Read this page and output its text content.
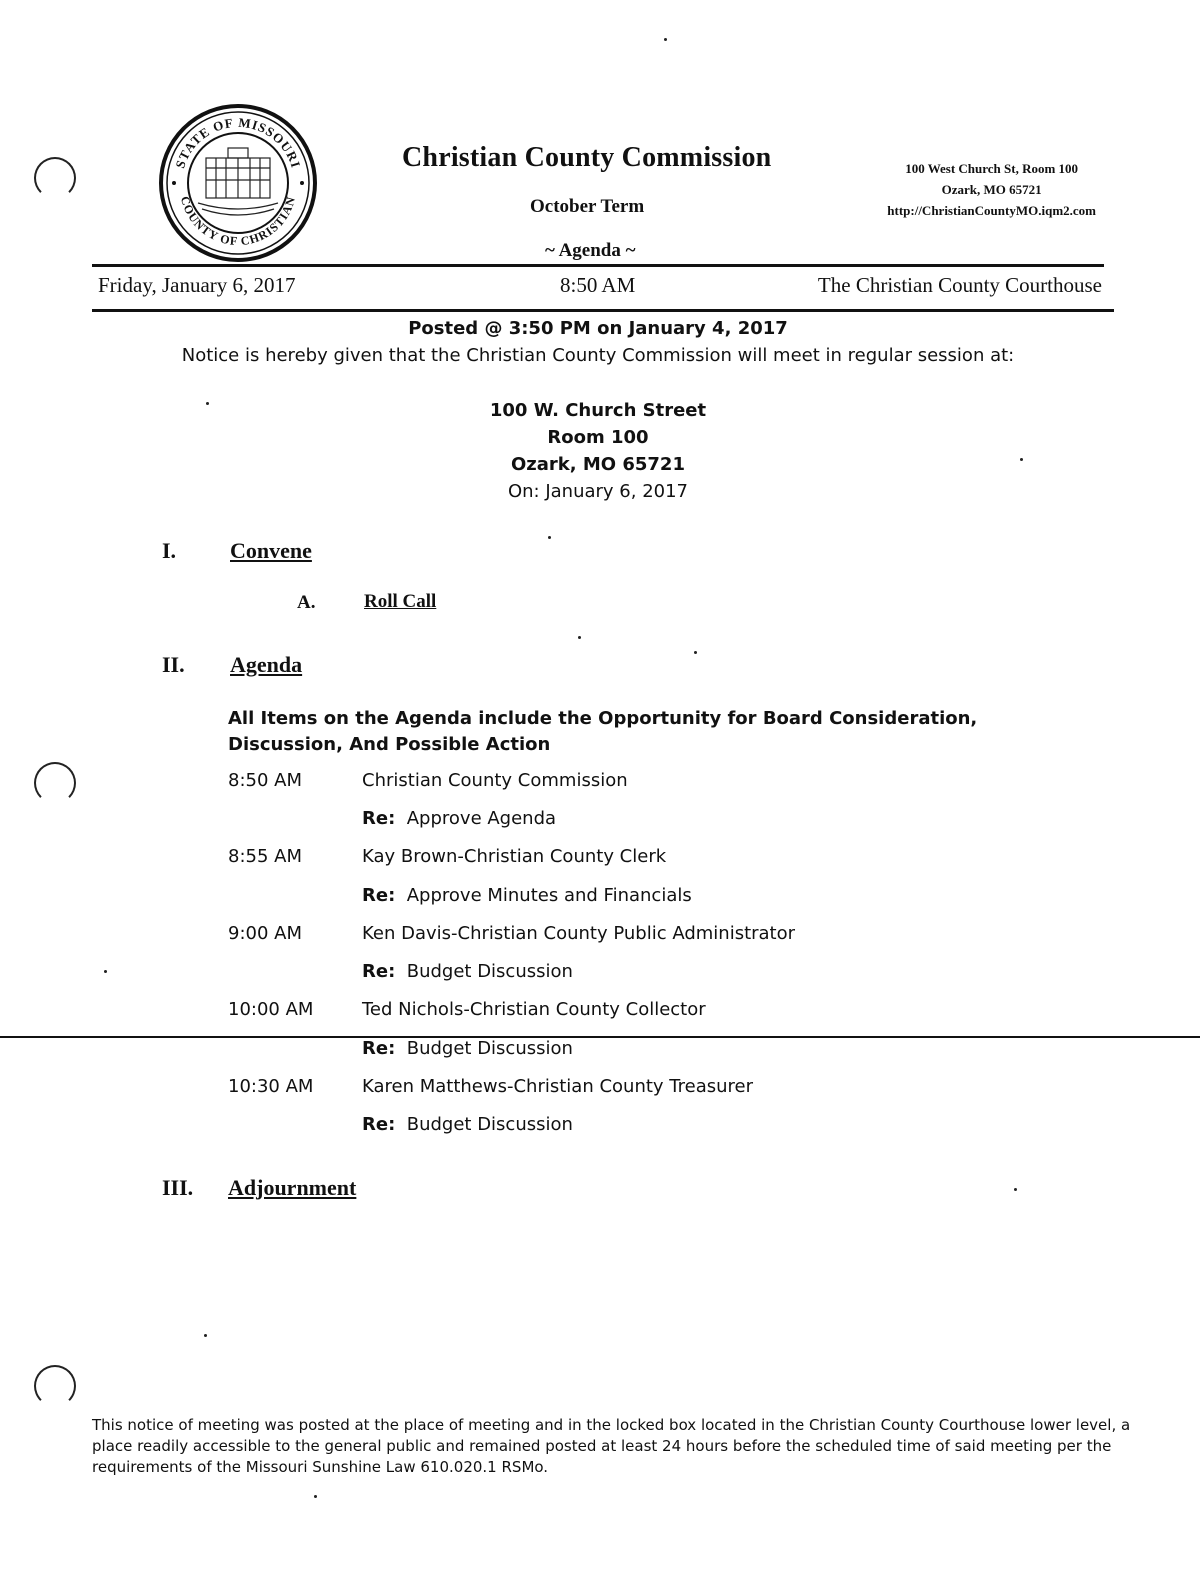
STATE OF MISSOURI
COUNTY OF CHRISTIAN
Christian County Commission
October Term
~ Agenda ~
100 West Church St, Room 100
Ozark, MO 65721
http://ChristianCountyMO.iqm2.com
Friday, January 6, 2017	8:50 AM	The Christian County Courthouse
Posted @ 3:50 PM on January 4, 2017
Notice is hereby given that the Christian County Commission will meet in regular session at:
100 W. Church Street
Room 100
Ozark, MO 65721
On: January 6, 2017
I. Convene
A.	Roll Call
II. Agenda
All Items on the Agenda include the Opportunity for Board Consideration, Discussion, And Possible Action
8:50 AM	Christian County Commission
Re: Approve Agenda
8:55 AM	Kay Brown-Christian County Clerk
Re: Approve Minutes and Financials
9:00 AM	Ken Davis-Christian County Public Administrator
Re: Budget Discussion
10:00 AM	Ted Nichols-Christian County Collector
Re: Budget Discussion
10:30 AM	Karen Matthews-Christian County Treasurer
Re: Budget Discussion
III. Adjournment
This notice of meeting was posted at the place of meeting and in the locked box located in the Christian County Courthouse lower level, a place readily accessible to the general public and remained posted at least 24 hours before the scheduled time of said meeting per the requirements of the Missouri Sunshine Law 610.020.1 RSMo.
